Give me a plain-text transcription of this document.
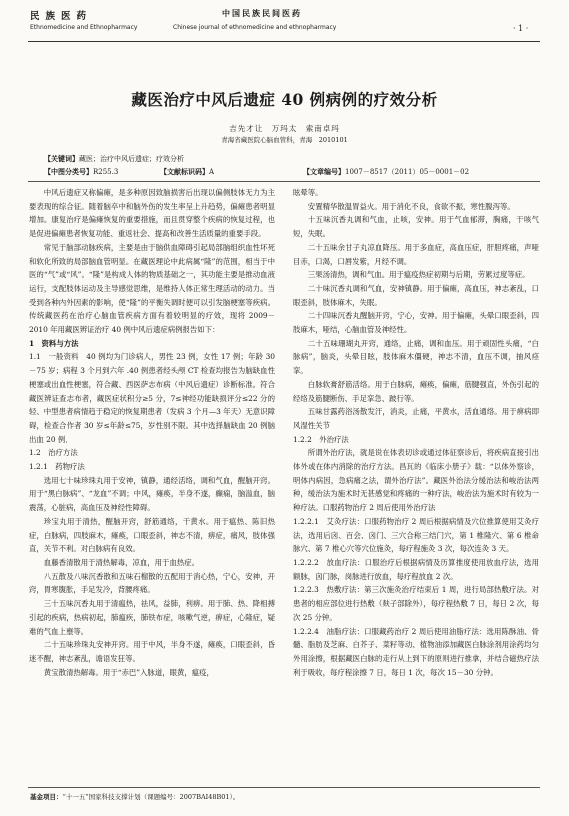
民族医药
Ethnomedicine and Ethnopharmacy
中国民族民间医药
Chinese journal of ethnomedicine and ethnopharmacy	· 1 ·
藏医治疗中风后遗症 40 例病例的疗效分析
吉先才让　万玛太　索南卓玛
青海省藏医院心脑血管科，青海　2010101
【关键词】藏医；治疗中风后遗症；疗效分析
【中图分类号】R255.3	【文献标识码】A	【文章编号】1007－8517（2011）05－0001－02

中风后遗症又称偏瘫，是多种原因致脑损害后出现以偏侧肢体无力为主要表现的综合征。随着脑卒中和脑外伤的发生率呈上升趋势，偏瘫患者明显增加。康复治疗是偏瘫恢复的重要措施，而且贯穿整个疾病的恢复过程，也是促进偏瘫患者恢复功能、重返社会、提高和改善生活质量的重要手段。

常见于脑部动脉疾病，主要是由于脑供血障碍引起局部脑组织血性坏死和软化所致的局部脑血管明显。在藏医理论中此病属“隆”的范围，相当于中医的“气”或“风”。“隆”是构成人体的物质基础之一，其功能主要是推动血液运行，支配肢体运动及主导感觉思维，是维持人体正常生理活动的动力。当受到各种内外因素的影响，使“隆”的平衡失调时便可以引发脑梗塞等疾病。传统藏医药在治疗心脑血管疾病方面有着较明显的疗效，现将 2009－2010 年用藏医辨证治疗 40 例中风后遗症病例报告如下：

1　资料与方法

1.1　一般资料　40 例均为门诊病人，男性 23 例，女性 17 例；年龄 30－75 岁；病程 3 个月到六年 .40 例患者经头颅 CT 检查均报告为脑缺血性梗塞或出血性梗塞，符合藏、西医萨志布病（中风后遗症）诊断标准。符合藏医辨证查志布者，藏医症状积分≥5 分，7≤神经功能缺损评分≤22 分的轻、中型患者病情趋于稳定的恢复期患者（发病 3 个月—3 年天）无意识障碍，检查合作者 30 岁≤年龄≤75，岁性别不限。其中选择脑缺血 20 例脑出血 20 例．

1.2　治疗方法

1.2.1　药物疗法

选用七十味珍珠丸用于安神，镇静，通经活络，调和气血，醒脑开窍。用于“黑白脉病”、“龙血”不调；中风，瘫痪，半身不遂，癫痫，脑溢血，脑震荡，心脏病，高血压及神经性障碍。

珍宝丸用于清热，醒脑开窍，舒筋通络，干黄水。用于瘟热、陈旧热症，白脉病，四肢麻木，瘫痪，口眼歪斜，神志不清，痹症，痛风，肢体强直，关节不利。对白脉病有良效。

血藤香清散用于清热解毒，凉血，用于血热症。

八五散及八味沉香散和五味石榴散的五配用于消心热，宁心，安神，开窍，胃寒腹胀，手足发冷，背腰疼痛。

三十五味沉香丸用于清瘟热，祛风，益肺，利痹。用于肺、热、降相搏引起的疾病，热病初起，肺瘟疾，肺铁布症，咳嗽气逆，痹症，心隆症，疑难的气血上壅等。

二十五味珍珠丸安神开窍。用于中风，半身不遂，瘫痪，口眼歪斜，昏迷不醒，神志紊乱，谵语发狂等。

黄宝散清热解毒。用于“赤巴”入脉道，眼黄，瘟疫，

眩晕等。

安置精华散温胃益火。用于消化不良，食欲不振，寒性腹泻等。

十五味沉香丸调和气血，止咳，安神。用于气血郁滞，胸痛，干咳气短，失眠。

二十五味余甘子丸凉血降压。用于多血症，高血压症，肝胆疼痛，声哑目赤，口渴，口唇发紫，月经不调。

三果汤清热，调和气血。用于瘟疫热症初期与后期，劳累过度等症。

二十味沉香丸调和气血，安神镇静。用于偏瘫，高血压，神志紊乱，口眼歪斜，肢体麻木，失眠。

二十四味沉香丸醒脑开窍，宁心，安神。用于偏瘫，头晕口眼歪斜，四肢麻木，哑结，心脑血管及神经性。

二十五味珊瑚丸开窍，通络，止痛，调和血压。用于顽固性头痛，“白脉病”，脑炎，头晕目眩，肢体麻木僵硬，神志不清，血压不调，抽风痉挛。

白脉软膏舒筋活络。用于白脉病，瘫痪，偏瘫，筋腱强直，外伤引起的经络及筋腱断伤、手足挛急、跛行等。

五味甘露药浴汤散发汗，消炎，止痛，平黄水，活血通络。用于痹病即风湿性关节

1.2.2　外治疗法

所谓外治疗法，就是说在体表切诊或通过体征察诊后，将疾病直接引出体外或在体内消除的治疗方法。昌瓦的《临床小册子》载：“以体外察诊，明体内病因，急病痛之法，谓外治疗法”。藏医外治法分缓治法和峻治法两种，缓治法为施术时无甚感觉和疼痛的一种疗法，峻治法为施术时有较为一种疗法。口服药物治疗 2 周后使用外治疗法

1.2.2.1　艾灸疗法：口服药物治疗 2 周后根据病情及穴位推算使用艾灸疗法，选用后囟、百会、囟门、三穴合称三结门穴，第 1 椎隆穴、第 6 椎命脉穴、第 7 椎心穴等穴位施灸，每疗程施灸 3 次，每次连灸 3 天。

1.2.2.2　放血疗法：口服治疗后根据病情及历算推度使用放血疗法，选用额脉，囟门脉，岗脉进行放血，每疗程放血 2 次。

1.2.2.3　热敷疗法：第三次施灸治疗结束后 1 周，进行局部热敷疗法。对患者的相应部位进行热敷（麸子部除外），每疗程热敷 7 日，每日 2 次，每次 25 分钟。

1.2.2.4　油脂疗法：口服藏药治疗 2 周后使用油脂疗法：选用陈酥油、骨髓、脂肪及芝麻、白芥子、菜籽等动、植物油添加藏医白脉涂剂用涂药均匀外用涂擦，根据藏医白脉的走行从上到下的原则进行推拿，并结合磁热疗法利于吸收，每疗程涂擦 7 日，每日 1 次，每次 15－30 分钟。

基金项目：“十一五”国家科技支撑计划（课题编号：2007BAI48B01）。
